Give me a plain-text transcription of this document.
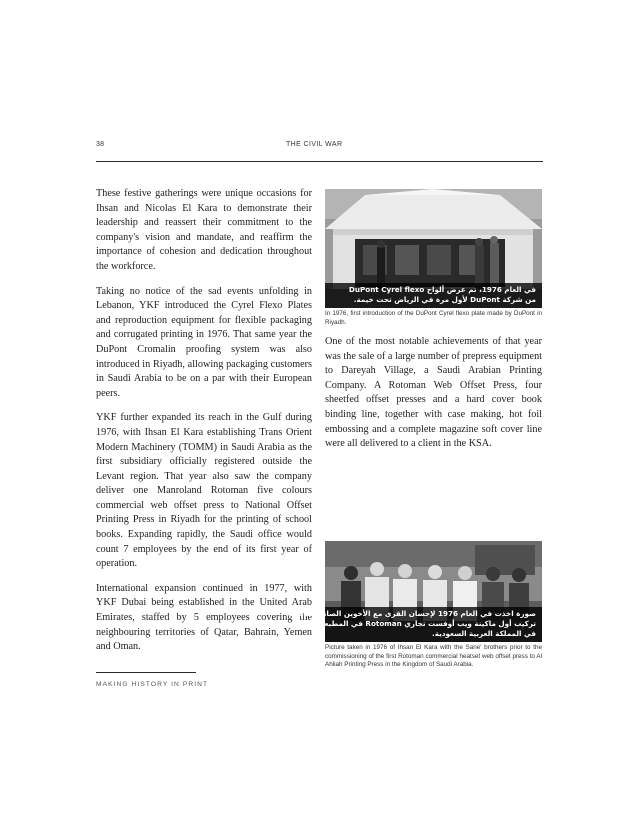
38	THE CIVIL WAR

These festive gatherings were unique occasions for Ihsan and Nicolas El Kara to demonstrate their leadership and reassert their commitment to the company's vision and mandate, and reaffirm the importance of cohesion and dedication throughout the workforce.

Taking no notice of the sad events unfolding in Lebanon, YKF introduced the Cyrel Flexo Plates and reproduction equipment for flexible packaging and corrugated printing in 1976. That same year the DuPont Cromalin proofing system was also introduced in Riyadh, allowing packaging customers in Saudi Arabia to be on a par with their European peers.

YKF further expanded its reach in the Gulf during 1976, with Ihsan El Kara establishing Trans Orient Modern Machinery (TOMM) in Saudi Arabia as the first subsidiary officially registered outside the Levant region. That year also saw the company deliver one Manroland Rotoman five colours commercial web offset press to National Offset Printing Press in Riyadh for the printing of school books. Expanding rapidly, the Saudi office would count 7 employees by the end of its first year of operation.

International expansion continued in 1977, with YKF Dubai being established in the United Arab Emirates, staffed by 5 employees covering the neighbouring territories of Qatar, Bahrain, Yemen and Oman.

في العام 1976، تم عرض ألواح DuPont Cyrel flexo
من شركة DuPont لأول مرة في الرياض تحت خيمة.
In 1976, first introduction of the DuPont Cyrel flexo plate made by DuPont in Riyadh.

One of the most notable achievements of that year was the sale of a large number of prepress equipment to Dareyah Village, a Saudi Arabian Printing Company. A Rotoman Web Offset Press, four sheetfed offset presses and a hard cover book binding line, together with case making, hot foil embossing and a complete magazine soft cover line were all delivered to a client in the KSA.

صورة اخذت في العام 1976 لإحسان القرى مع الأخوين الصانع بمناسبة
تركيب أول ماكينة ويب أوفست تجاري Rotoman في المطبعة الأهلية
في المملكة العربية السعودية.
Picture taken in 1976 of Ihsan El Kara with the Sane' brothers prior to the commissioning of the first Rotoman commercial heatset web offset press to Al Ahliah Printing Press in the Kingdom of Saudi Arabia.
MAKING HISTORY IN PRINT
